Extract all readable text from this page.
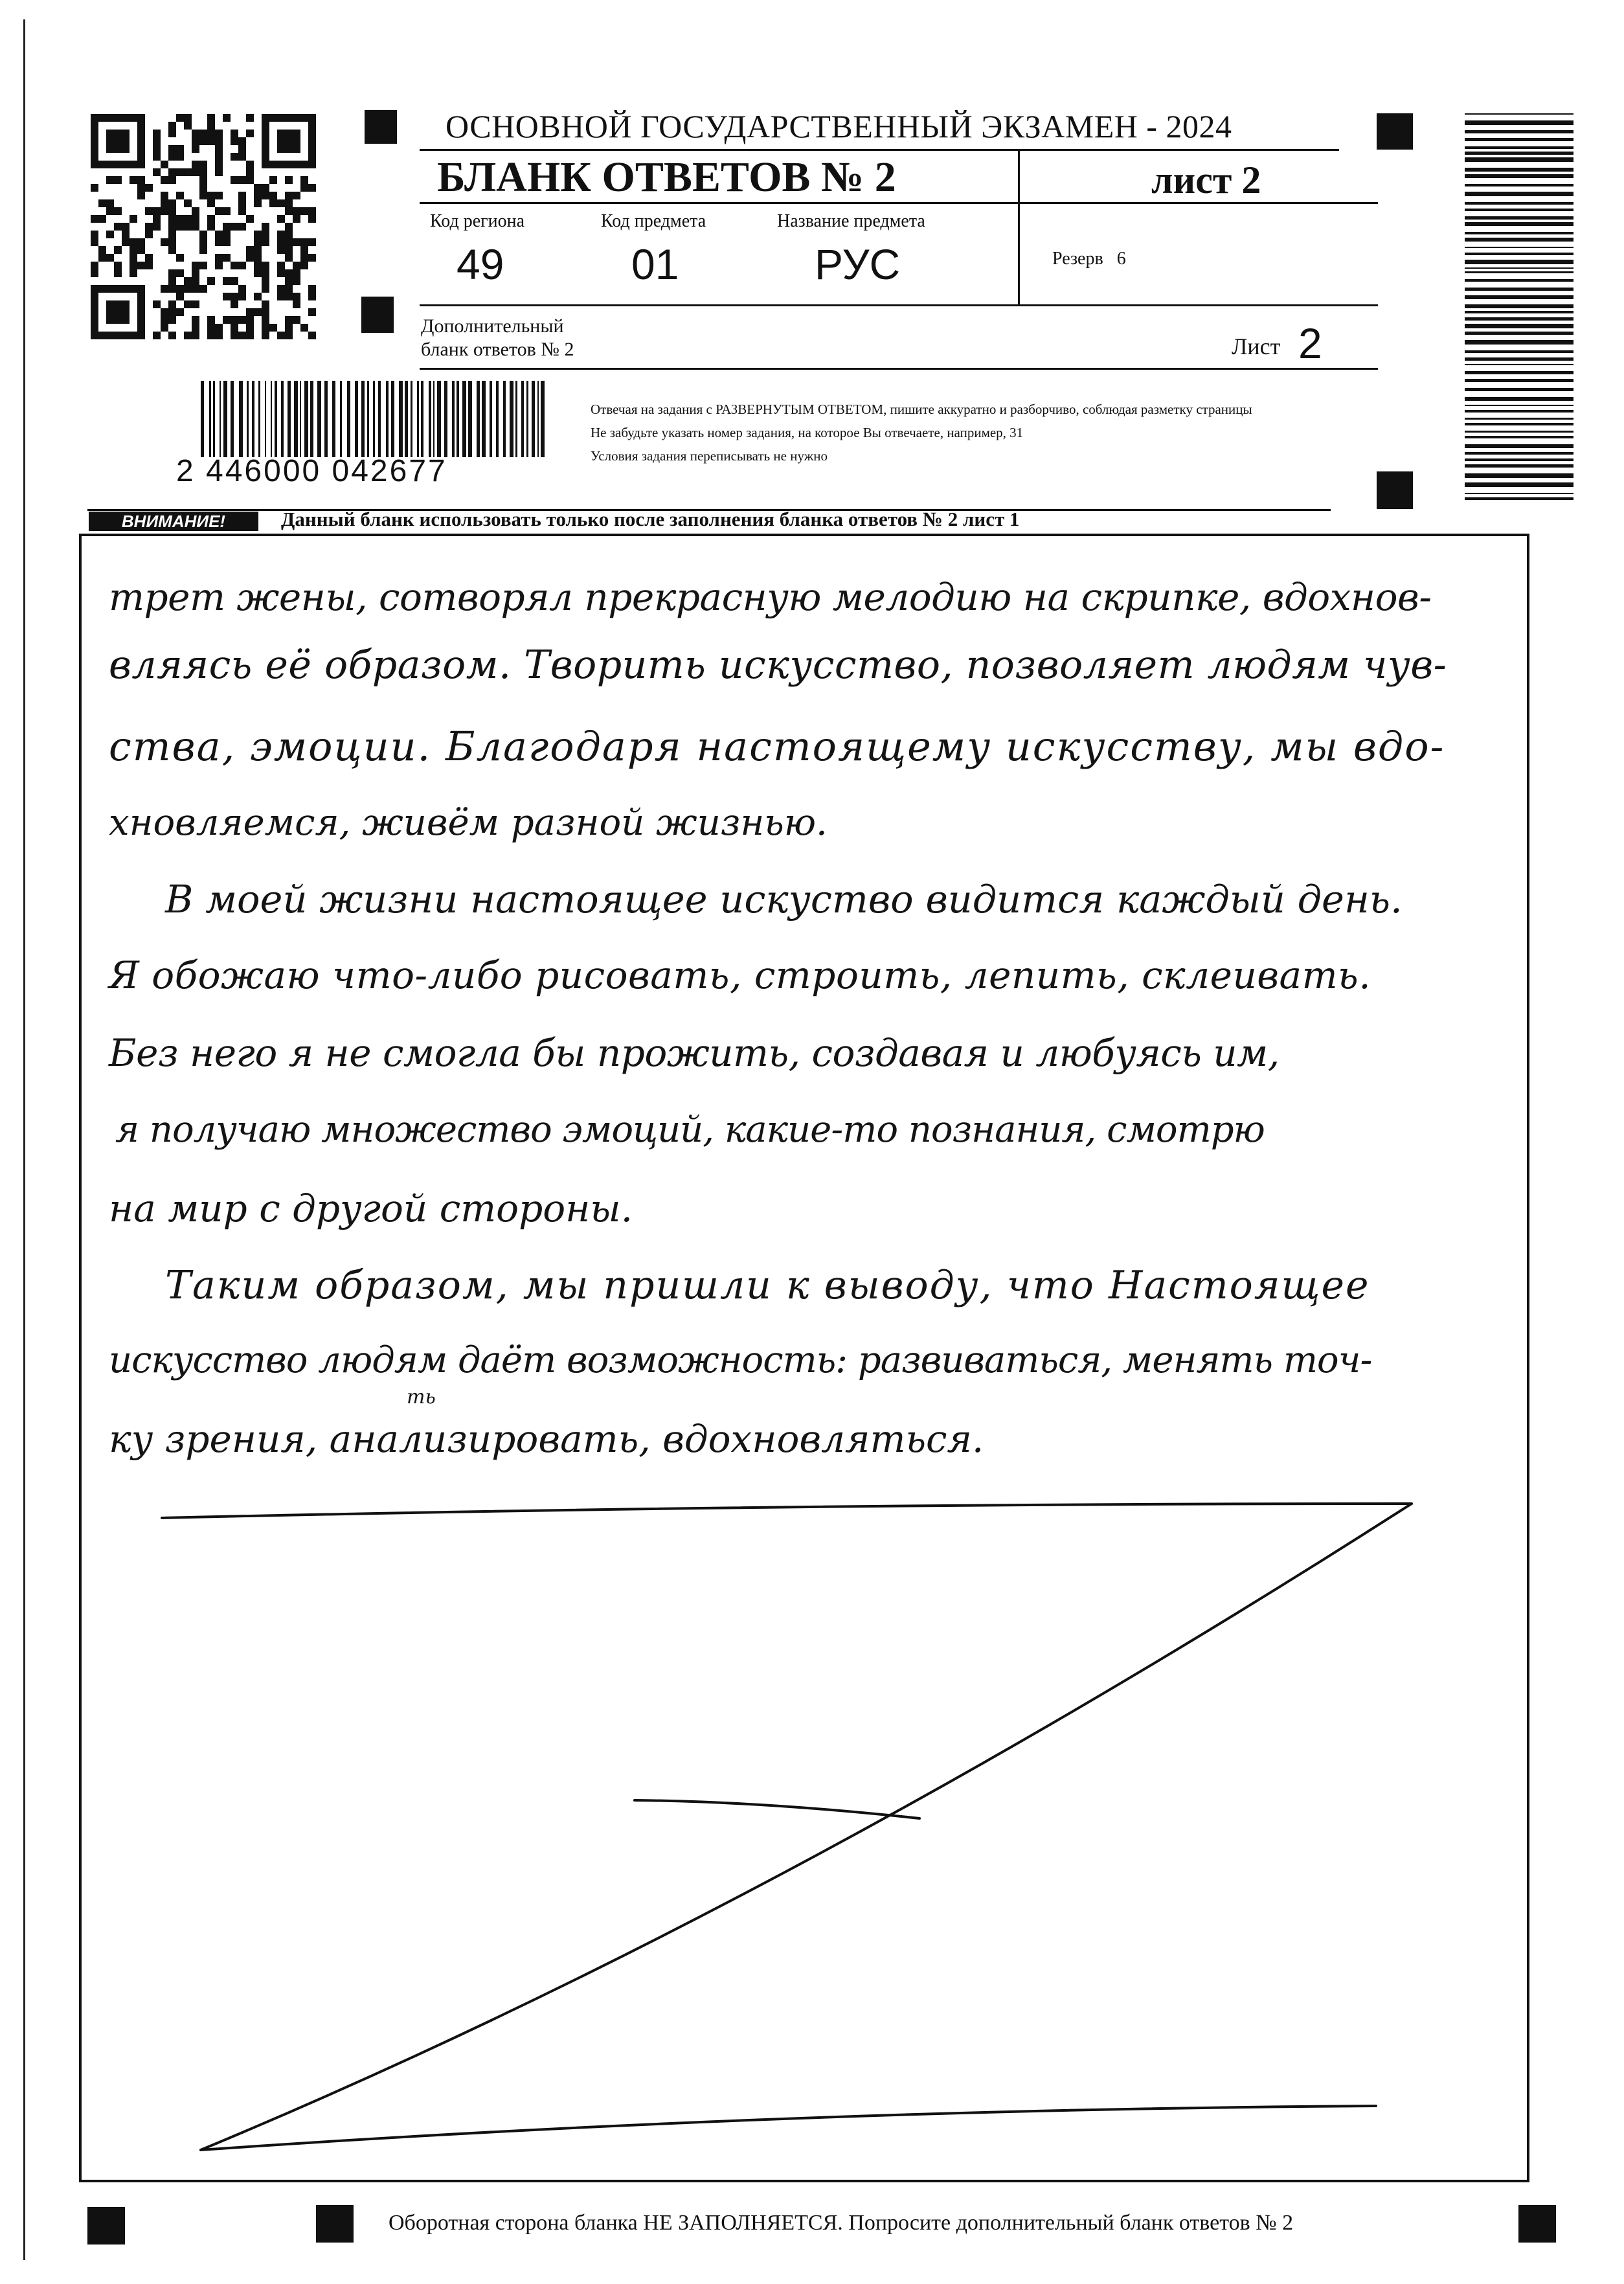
ОСНОВНОЙ ГОСУДАРСТВЕННЫЙ ЭКЗАМЕН - 2024
БЛАНК ОТВЕТОВ № 2	лист 2
Код региона
49
Код предмета
01
Название предмета
РУС	Резерв 6
Дополнительный
бланк ответов № 2	Лист 2
2 446000 042677
Отвечая на задания с РАЗВЕРНУТЫМ ОТВЕТОМ, пишите аккуратно и разборчиво, соблюдая разметку страницы
Не забудьте указать номер задания, на которое Вы отвечаете, например, 31
Условия задания переписывать не нужно
ВНИМАНИЕ!	Данный бланк использовать только после заполнения бланка ответов № 2 лист 1
трет жены, сотворял прекрасную мелодию на скрипке, вдохнов-
вляясь её образом. Творить искусство, позволяет людям чув-
ства, эмоции. Благодаря настоящему искусству, мы вдо-
хновляемся, живём разной жизнью.
В моей жизни настоящее искуство видится каждый день.
Я обожаю что-либо рисовать, строить, лепить, склеивать.
Без него я не смогла бы прожить, создавая и любуясь им,
я получаю множество эмоций, какие-то познания, смотрю
на мир с другой стороны.
Таким образом, мы пришли к выводу, что Настоящее
искусство людям даёт возможность: развиваться, менять точ-
ку зрения, анализировать, вдохновляться.
ть
Оборотная сторона бланка НЕ ЗАПОЛНЯЕТСЯ. Попросите дополнительный бланк ответов № 2
